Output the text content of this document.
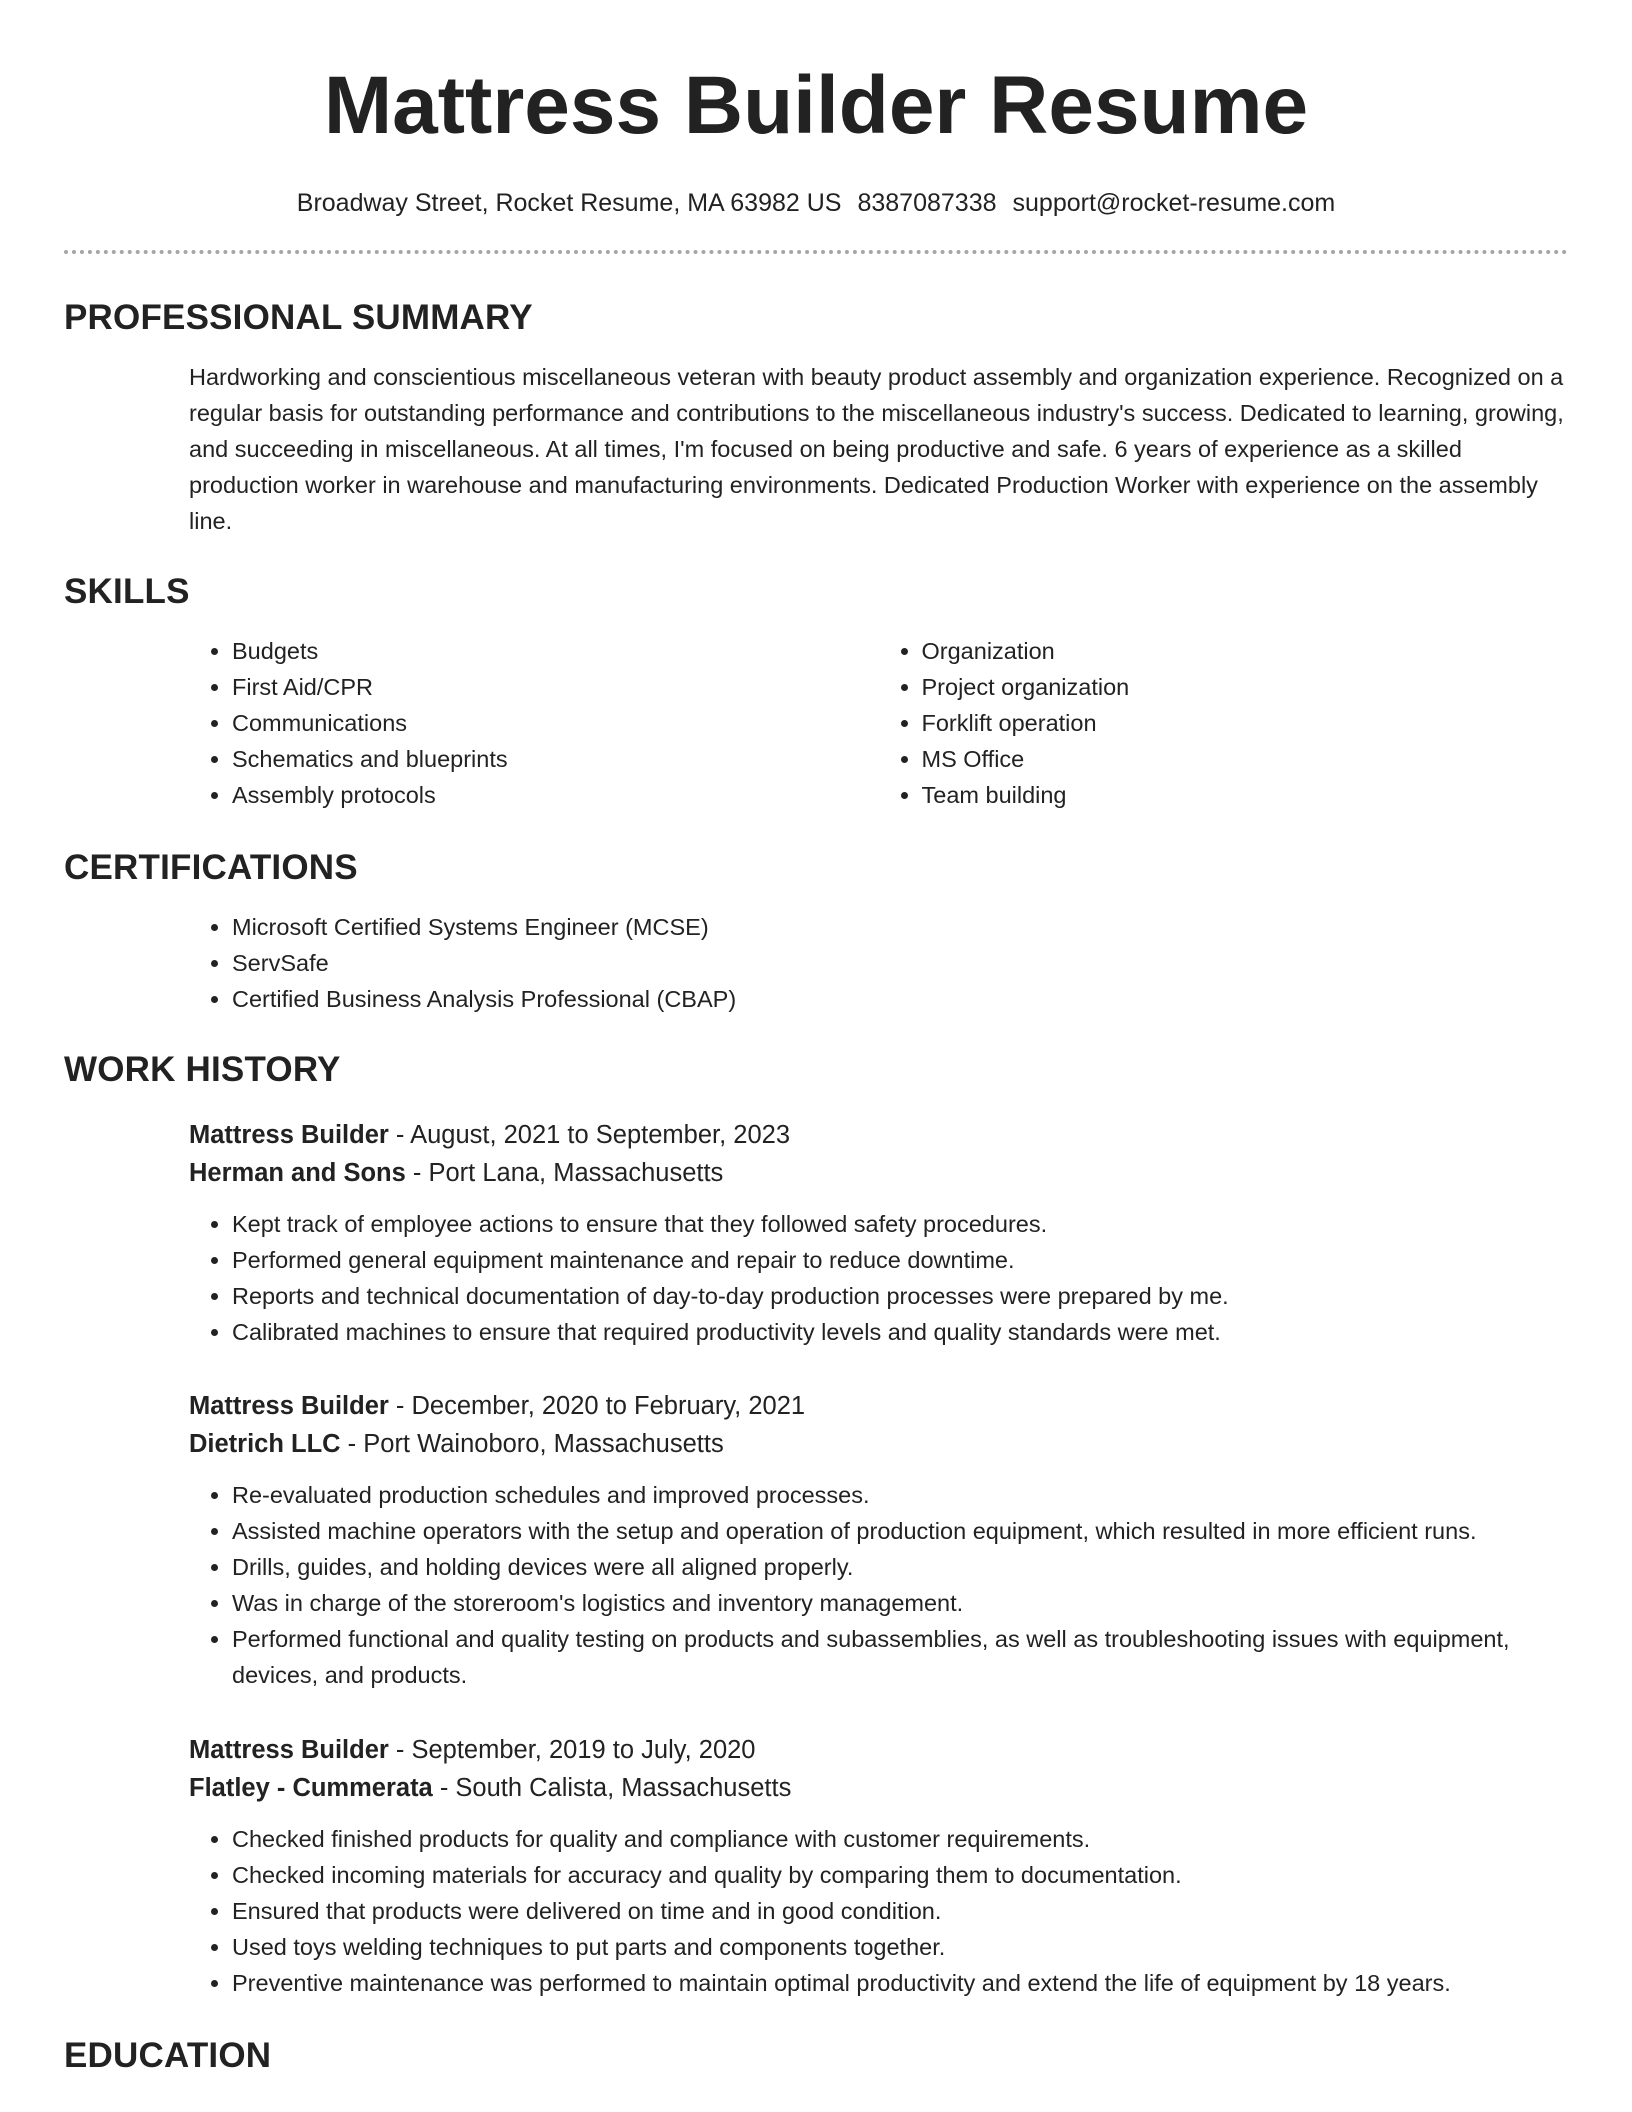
Mattress Builder Resume
Broadway Street, Rocket Resume, MA 63982 US 8387087338 support@rocket-resume.com
PROFESSIONAL SUMMARY

Hardworking and conscientious miscellaneous veteran with beauty product assembly and organization experience. Recognized on a regular basis for outstanding performance and contributions to the miscellaneous industry's success. Dedicated to learning, growing, and succeeding in miscellaneous. At all times, I'm focused on being productive and safe. 6 years of experience as a skilled production worker in warehouse and manufacturing environments. Dedicated Production Worker with experience on the assembly line.

SKILLS
• Budgets
• First Aid/CPR
• Communications
• Schematics and blueprints
• Assembly protocols
• Organization
• Project organization
• Forklift operation
• MS Office
• Team building
CERTIFICATIONS
• Microsoft Certified Systems Engineer (MCSE)
• ServSafe
• Certified Business Analysis Professional (CBAP)
WORK HISTORY
Mattress Builder - August, 2021 to September, 2023
Herman and Sons - Port Lana, Massachusetts
• Kept track of employee actions to ensure that they followed safety procedures.
• Performed general equipment maintenance and repair to reduce downtime.
• Reports and technical documentation of day-to-day production processes were prepared by me.
• Calibrated machines to ensure that required productivity levels and quality standards were met.
Mattress Builder - December, 2020 to February, 2021
Dietrich LLC - Port Wainoboro, Massachusetts
• Re-evaluated production schedules and improved processes.
• Assisted machine operators with the setup and operation of production equipment, which resulted in more efficient runs.
• Drills, guides, and holding devices were all aligned properly.
• Was in charge of the storeroom's logistics and inventory management.
• Performed functional and quality testing on products and subassemblies, as well as troubleshooting issues with equipment, devices, and products.
Mattress Builder - September, 2019 to July, 2020
Flatley - Cummerata - South Calista, Massachusetts
• Checked finished products for quality and compliance with customer requirements.
• Checked incoming materials for accuracy and quality by comparing them to documentation.
• Ensured that products were delivered on time and in good condition.
• Used toys welding techniques to put parts and components together.
• Preventive maintenance was performed to maintain optimal productivity and extend the life of equipment by 18 years.
EDUCATION
